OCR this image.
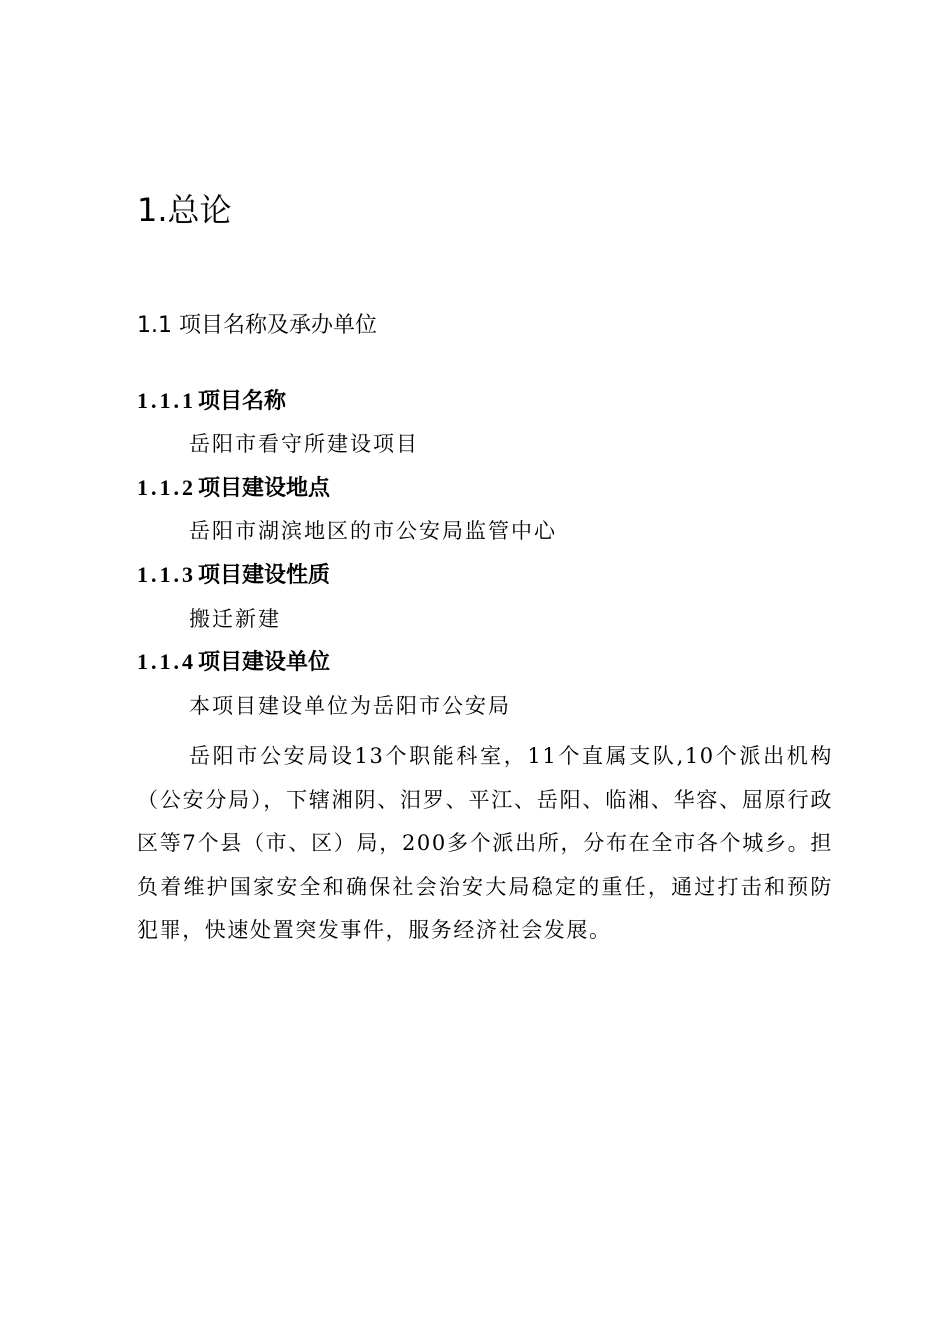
1.总论
1.1 项目名称及承办单位
1.1.1项目名称
岳阳市看守所建设项目
1.1.2项目建设地点
岳阳市湖滨地区的市公安局监管中心
1.1.3项目建设性质
搬迁新建
1.1.4项目建设单位
本项目建设单位为岳阳市公安局

岳阳市公安局设13个职能科室，11个直属支队,10个派出机构（公安分局），下辖湘阴、汨罗、平江、岳阳、临湘、华容、屈原行政区等7个县（市、区）局，200多个派出所，分布在全市各个城乡。担负着维护国家安全和确保社会治安大局稳定的重任，通过打击和预防犯罪，快速处置突发事件，服务经济社会发展。
